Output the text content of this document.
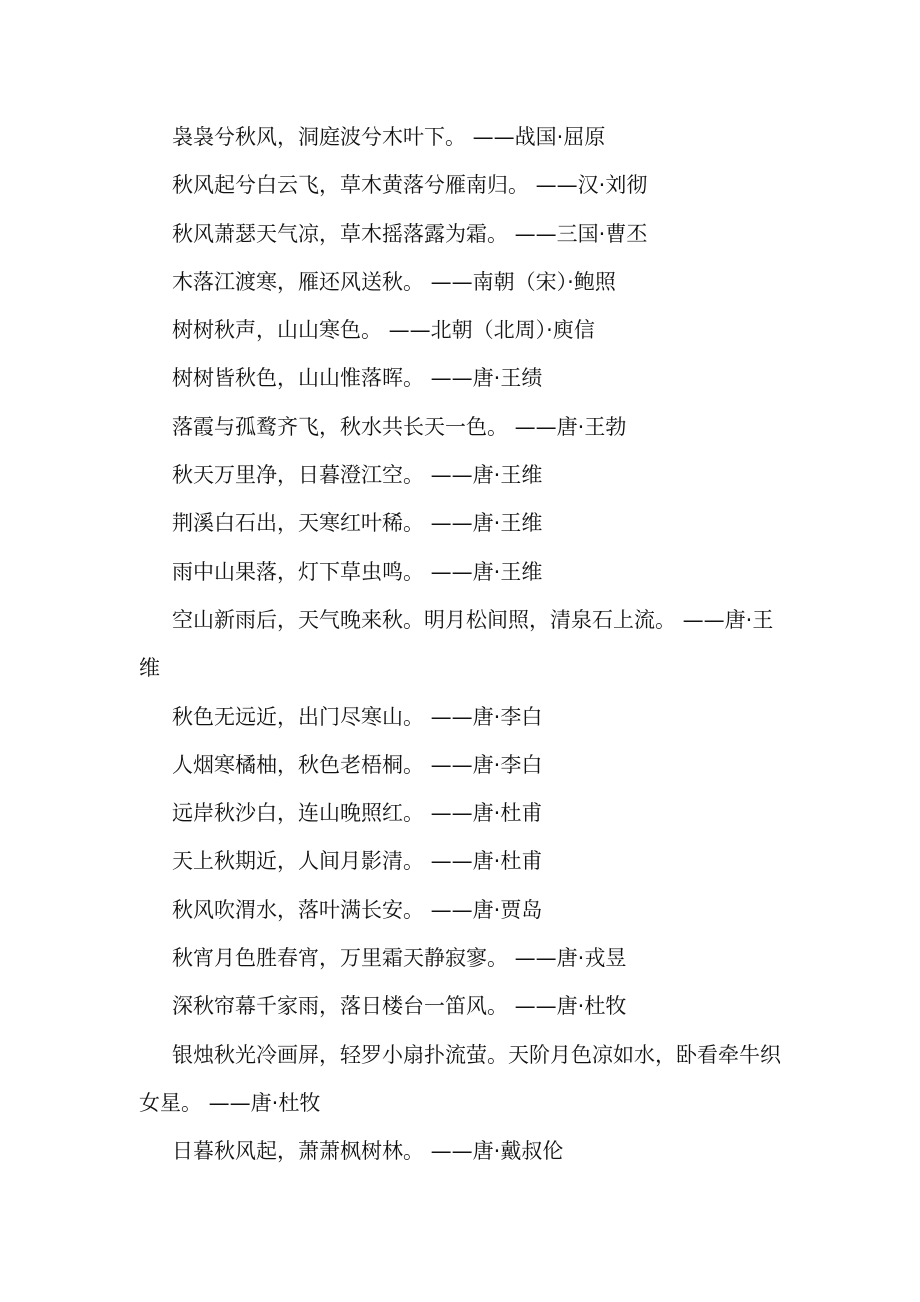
袅袅兮秋风，洞庭波兮木叶下。 ——战国·屈原

秋风起兮白云飞，草木黄落兮雁南归。 ——汉·刘彻

秋风萧瑟天气凉，草木摇落露为霜。 ——三国·曹丕

木落江渡寒，雁还风送秋。 ——南朝（宋）·鲍照

树树秋声，山山寒色。 ——北朝（北周）·庾信

树树皆秋色，山山惟落晖。 ——唐·王绩

落霞与孤鹜齐飞，秋水共长天一色。 ——唐·王勃

秋天万里净，日暮澄江空。 ——唐·王维

荆溪白石出，天寒红叶稀。 ——唐·王维

雨中山果落，灯下草虫鸣。 ——唐·王维

空山新雨后，天气晚来秋。明月松间照，清泉石上流。 ——唐·王维

秋色无远近，出门尽寒山。 ——唐·李白

人烟寒橘柚，秋色老梧桐。 ——唐·李白

远岸秋沙白，连山晚照红。 ——唐·杜甫

天上秋期近，人间月影清。 ——唐·杜甫

秋风吹渭水，落叶满长安。 ——唐·贾岛

秋宵月色胜春宵，万里霜天静寂寥。 ——唐·戎昱

深秋帘幕千家雨，落日楼台一笛风。 ——唐·杜牧

银烛秋光冷画屏，轻罗小扇扑流萤。天阶月色凉如水，卧看牵牛织女星。 ——唐·杜牧

日暮秋风起，萧萧枫树林。 ——唐·戴叔伦
